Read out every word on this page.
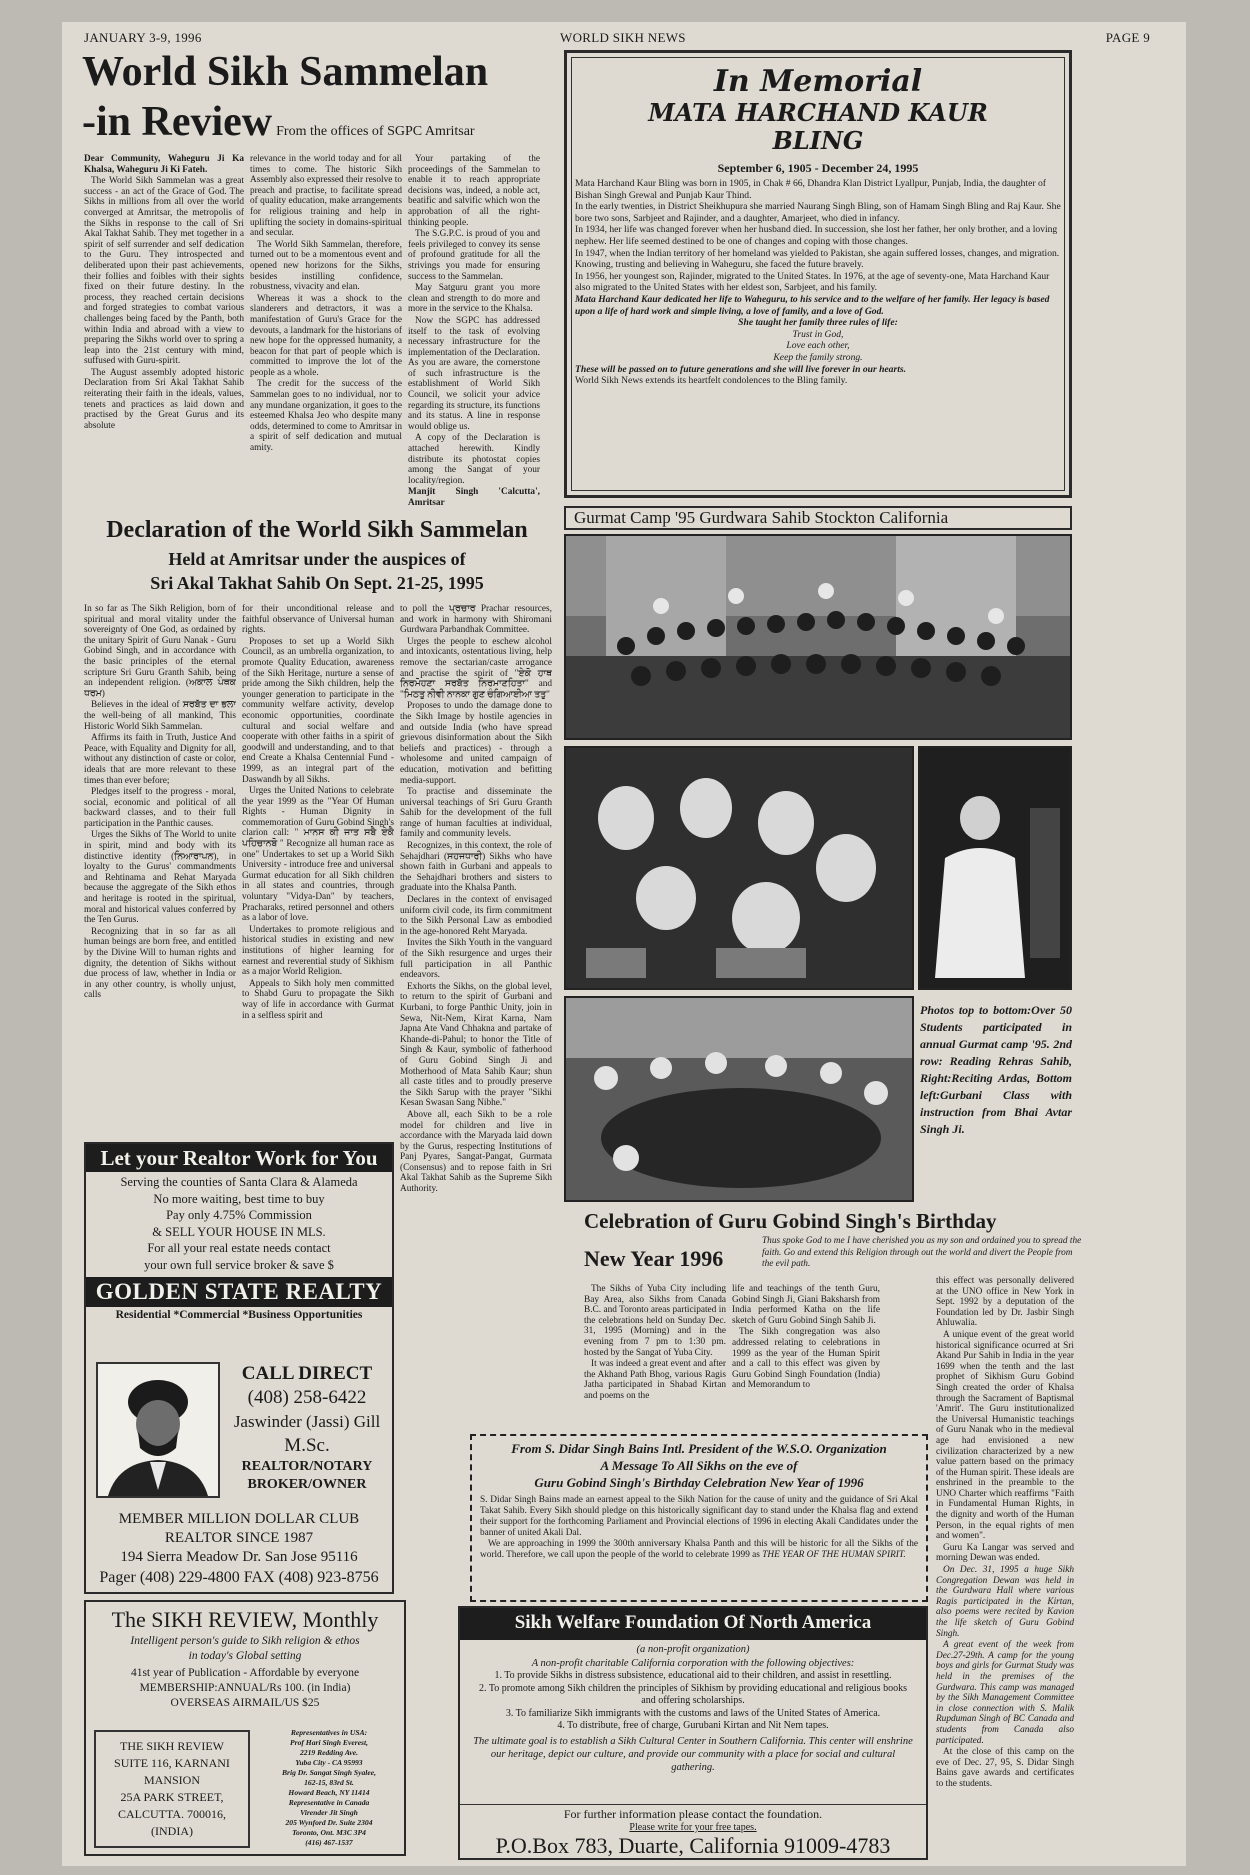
JANUARY 3-9, 1996	WORLD SIKH NEWS	PAGE 9
World Sikh Sammelan
-in Review From the offices of SGPC Amritsar

Dear Community, Waheguru Ji Ka Khalsa, Waheguru Ji Ki Fateh.

The World Sikh Sammelan was a great success - an act of the Grace of God. The Sikhs in millions from all over the world converged at Amritsar, the metropolis of the Sikhs in response to the call of Sri Akal Takhat Sahib. They met together in a spirit of self surrender and self dedication to the Guru. They introspected and deliberated upon their past achievements, their follies and foibles with their sights fixed on their future destiny. In the process, they reached certain decisions and forged strategies to combat various challenges being faced by the Panth, both within India and abroad with a view to preparing the Sikhs world over to spring a leap into the 21st century with mind, suffused with Guru-spirit.

The August assembly adopted historic Declaration from Sri Akal Takhat Sahib reiterating their faith in the ideals, values, tenets and practices as laid down and practised by the Great Gurus and its absolute

relevance in the world today and for all times to come. The historic Sikh Assembly also expressed their resolve to preach and practise, to facilitate spread of quality education, make arrangements for religious training and help in uplifting the society in domains-spiritual and secular.

The World Sikh Sammelan, therefore, turned out to be a momentous event and opened new horizons for the Sikhs, besides instilling confidence, robustness, vivacity and elan.

Whereas it was a shock to the slanderers and detractors, it was a manifestation of Guru's Grace for the devouts, a landmark for the historians of new hope for the oppressed humanity, a beacon for that part of people which is committed to improve the lot of the people as a whole.

The credit for the success of the Sammelan goes to no individual, nor to any mundane organization, it goes to the esteemed Khalsa Jeo who despite many odds, determined to come to Amritsar in a spirit of self dedication and mutual amity.

Your partaking of the proceedings of the Sammelan to enable it to reach appropriate decisions was, indeed, a noble act, beatific and salvific which won the approbation of all the right-thinking people.

The S.G.P.C. is proud of you and feels privileged to convey its sense of profound gratitude for all the strivings you made for ensuring success to the Sammelan.

May Satguru grant you more clean and strength to do more and more in the service to the Khalsa.

Now the SGPC has addressed itself to the task of evolving necessary infrastructure for the implementation of the Declaration. As you are aware, the cornerstone of such infrastructure is the establishment of World Sikh Council, we solicit your advice regarding its structure, its functions and its status. A line in response would oblige us.

A copy of the Declaration is attached herewith. Kindly distribute its photostat copies among the Sangat of your locality/region.

Manjit Singh 'Calcutta', Amritsar

In Memorial
MATA HARCHAND KAUR
BLING
September 6, 1905 - December 24, 1995
Mata Harchand Kaur Bling was born in 1905, in Chak # 66, Dhandra Klan District Lyallpur, Punjab, India, the daughter of Bishan Singh Grewal and Punjab Kaur Thind.
In the early twenties, in District Sheikhupura she married Naurang Singh Bling, son of Hamam Singh Bling and Raj Kaur. She bore two sons, Sarbjeet and Rajinder, and a daughter, Amarjeet, who died in infancy.
In 1934, her life was changed forever when her husband died. In succession, she lost her father, her only brother, and a loving nephew. Her life seemed destined to be one of changes and coping with those changes.
In 1947, when the Indian territory of her homeland was yielded to Pakistan, she again suffered losses, changes, and migration.
Knowing, trusting and believing in Waheguru, she faced the future bravely.
In 1956, her youngest son, Rajinder, migrated to the United States. In 1976, at the age of seventy-one, Mata Harchand Kaur also migrated to the United States with her eldest son, Sarbjeet, and his family.
Mata Harchand Kaur dedicated her life to Waheguru, to his service and to the welfare of her family. Her legacy is based upon a life of hard work and simple living, a love of family, and a love of God.
She taught her family three rules of life:
Trust in God,
Love each other,
Keep the family strong.
These will be passed on to future generations and she will live forever in our hearts.
World Sikh News extends its heartfelt condolences to the Bling family.
Gurmat Camp '95 Gurdwara Sahib Stockton California
Photos top to bottom:Over 50 Students participated in annual Gurmat camp '95. 2nd row: Reading Rehras Sahib, Right:Reciting Ardas, Bottom left:Gurbani Class with instruction from Bhai Avtar Singh Ji.
Declaration of the World Sikh Sammelan
Held at Amritsar under the auspices of
Sri Akal Takhat Sahib On Sept. 21-25, 1995

In so far as The Sikh Religion, born of spiritual and moral vitality under the sovereignty of One God, as ordained by the unitary Spirit of Guru Nanak - Guru Gobind Singh, and in accordance with the basic principles of the eternal scripture Sri Guru Granth Sahib, being an independent religion. (ਅਕਾਲ ਪੰਥਕ ਧਰਮ)

Believes in the ideal of ਸਰਬੱਤ ਦਾ ਭਲਾ the well-being of all mankind, This Historic World Sikh Sammelan.

Affirms its faith in Truth, Justice And Peace, with Equality and Dignity for all, without any distinction of caste or color, ideals that are more relevant to these times than ever before;

Pledges itself to the progress - moral, social, economic and political of all backward classes, and to their full participation in the Panthic causes.

Urges the Sikhs of The World to unite in spirit, mind and body with its distinctive identity (ਨਿਆਰਾਪਨ), in loyalty to the Gurus' commandments and Rehtinama and Rehat Maryada because the aggregate of the Sikh ethos and heritage is rooted in the spiritual, moral and historical values conferred by the Ten Gurus.

Recognizing that in so far as all human beings are born free, and entitled by the Divine Will to human rights and dignity, the detention of Sikhs without due process of law, whether in India or in any other country, is wholly unjust, calls

for their unconditional release and faithful observance of Universal human rights.

Proposes to set up a World Sikh Council, as an umbrella organization, to promote Quality Education, awareness of the Sikh Heritage, nurture a sense of pride among the Sikh children, help the younger generation to participate in the community welfare activity, develop economic opportunities, coordinate cultural and social welfare and cooperate with other faiths in a spirit of goodwill and understanding, and to that end Create a Khalsa Centennial Fund - 1999, as an integral part of the Daswandh by all Sikhs.

Urges the United Nations to celebrate the year 1999 as the "Year Of Human Rights - Human Dignity in commemoration of Guru Gobind Singh's clarion call: " ਮਾਨਸ ਕੀ ਜਾਤ ਸਬੈ ਏਕੈ ਪਹਿਚਾਨਬੋ " Recognize all human race as one" Undertakes to set up a World Sikh University - introduce free and universal Gurmat education for all Sikh children in all states and countries, through voluntary "Vidya-Dan" by teachers, Pracharaks, retired personnel and others as a labor of love.

Undertakes to promote religious and historical studies in existing and new institutions of higher learning for earnest and reverential study of Sikhism as a major World Religion.

Appeals to Sikh holy men committed to Shabd Guru to propagate the Sikh way of life in accordance with Gurmat in a selfless spirit and

to poll the ਪ੍ਰਚਾਰ Prachar resources, and work in harmony with Shiromani Gurdwara Parbandhak Committee.

Urges the people to eschew alcohol and intoxicants, ostentatious living, help remove the sectarian/caste arrogance and practise the spirit of "ਏਕੋ ਹਾਥ ਨਿਰਮੋਹਣਾ ਸਰਬੱਤ ਨਿਰਮਾਣਹਿਤਾ" and "ਮਿਠਤੁ ਨੀਵੀ ਨਾਨਕਾ ਗੁਣ ਚੰਗਿਆਈਆ ਤਤੁ"

Proposes to undo the damage done to the Sikh Image by hostile agencies in and outside India (who have spread grievous disinformation about the Sikh beliefs and practices) - through a wholesome and united campaign of education, motivation and befitting media-support.

To practise and disseminate the universal teachings of Sri Guru Granth Sahib for the development of the full range of human faculties at individual, family and community levels.

Recognizes, in this context, the role of Sehajdhari (ਸਹਜਧਾਰੀ) Sikhs who have shown faith in Gurbani and appeals to the Sehajdhari brothers and sisters to graduate into the Khalsa Panth.

Declares in the context of envisaged uniform civil code, its firm commitment to the Sikh Personal Law as embodied in the age-honored Reht Maryada.

Invites the Sikh Youth in the vanguard of the Sikh resurgence and urges their full participation in all Panthic endeavors.

Exhorts the Sikhs, on the global level, to return to the spirit of Gurbani and Kurbani, to forge Panthic Unity, join in Sewa, Nit-Nem, Kirat Karna, Nam Japna Ate Vand Chhakna and partake of Khande-di-Pahul; to honor the Title of Singh & Kaur, symbolic of fatherhood of Guru Gobind Singh Ji and Motherhood of Mata Sahib Kaur; shun all caste titles and to proudly preserve the Sikh Sarup with the prayer "Sikhi Kesan Swasan Sang Nibhe."

Above all, each Sikh to be a role model for children and live in accordance with the Maryada laid down by the Gurus, respecting Institutions of Panj Pyares, Sangat-Pangat, Gurmata (Consensus) and to repose faith in Sri Akal Takhat Sahib as the Supreme Sikh Authority.

Let your Realtor Work for You
Serving the counties of Santa Clara & Alameda
No more waiting, best time to buy
Pay only 4.75% Commission
& SELL YOUR HOUSE IN MLS.
For all your real estate needs contact
your own full service broker & save $
GOLDEN STATE REALTY
Residential *Commercial *Business Opportunities
CALL DIRECT
(408) 258-6422
Jaswinder (Jassi) Gill
M.Sc.
REALTOR/NOTARY
BROKER/OWNER
MEMBER MILLION DOLLAR CLUB
REALTOR SINCE 1987
194 Sierra Meadow Dr. San Jose 95116
Pager (408) 229-4800 FAX (408) 923-8756
The SIKH REVIEW, Monthly
Intelligent person's guide to Sikh religion & ethos
in today's Global setting
41st year of Publication - Affordable by everyone
MEMBERSHIP:ANNUAL/Rs 100. (in India)
OVERSEAS AIRMAIL/US $25
THE SIKH REVIEW
SUITE 116, KARNANI
MANSION
25A PARK STREET,
CALCUTTA. 700016,
(INDIA)
Representatives in USA:
Prof Hari Singh Everest,
2219 Redding Ave.
Yuba City - CA 95993
Brig Dr. Sangat Singh Syalee,
162-15, 83rd St.
Howard Beach, NY 11414
Representative in Canada
Virender Jit Singh
205 Wynford Dr. Suite 2304
Toronto, Ont. M3C 3P4
(416) 467-1537
Celebration of Guru Gobind Singh's Birthday
New Year 1996
Thus spoke God to me I have cherished you as my son and ordained you to spread the faith. Go and extend this Religion through out the world and divert the People from the evil path.

The Sikhs of Yuba City including Bay Area, also Sikhs from Canada B.C. and Toronto areas participated in the celebrations held on Sunday Dec. 31, 1995 (Morning) and in the evening from 7 pm to 1:30 pm. hosted by the Sangat of Yuba City.

It was indeed a great event and after the Akhand Path Bhog, various Ragis Jatha participated in Shabad Kirtan and poems on the

life and teachings of the tenth Guru, Gobind Singh Ji, Giani Baksharsh from India performed Katha on the life sketch of Guru Gobind Singh Sahib Ji.

The Sikh congregation was also addressed relating to celebrations in 1999 as the year of the Human Spirit and a call to this effect was given by Guru Gobind Singh Foundation (India) and Memorandum to

this effect was personally delivered at the UNO office in New York in Sept. 1992 by a deputation of the Foundation led by Dr. Jasbir Singh Ahluwalia.

A unique event of the great world historical significance ocurred at Sri Akand Pur Sahib in India in the year 1699 when the tenth and the last prophet of Sikhism Guru Gobind Singh created the order of Khalsa through the Sacrament of Baptismal 'Amrit'. The Guru institutionalized the Universal Humanistic teachings of Guru Nanak who in the medieval age had envisioned a new civilization characterized by a new value pattern based on the primacy of the Human spirit. These ideals are enshrined in the preamble to the UNO Charter which reaffirms "Faith in Fundamental Human Rights, in the dignity and worth of the Human Person, in the equal rights of men and women".

Guru Ka Langar was served and morning Dewan was ended.

On Dec. 31, 1995 a huge Sikh Congregation Dewan was held in the Gurdwara Hall where various Ragis participated in the Kirtan, also poems were recited by Kavion the life sketch of Guru Gobind Singh.

A great event of the week from Dec.27-29th. A camp for the young boys and girls for Gurmat Study was held in the premises of the Gurdwara. This camp was managed by the Sikh Management Committee in close connection with S. Malik Rupduman Singh of BC Canada and students from Canada also participated.

At the close of this camp on the eve of Dec. 27, 95, S. Didar Singh Bains gave awards and certificates to the students.

From S. Didar Singh Bains Intl. President of the W.S.O. Organization
A Message To All Sikhs on the eve of
Guru Gobind Singh's Birthday Celebration New Year of 1996
S. Didar Singh Bains made an earnest appeal to the Sikh Nation for the cause of unity and the guidance of Sri Akal Takat Sahib. Every Sikh should pledge on this historically significant day to stand under the Khalsa flag and extend their support for the forthcoming Parliament and Provincial elections of 1996 in electing Akali Candidates under the banner of united Akali Dal.
We are approaching in 1999 the 300th anniversary Khalsa Panth and this will be historic for all the Sikhs of the world. Therefore, we call upon the people of the world to celebrate 1999 as THE YEAR OF THE HUMAN SPIRIT.
Sikh Welfare Foundation Of North America
(a non-profit organization)
A non-profit charitable California corporation with the following objectives:
1. To provide Sikhs in distress subsistence, educational aid to their children, and assist in resettling.
2. To promote among Sikh children the principles of Sikhism by providing educational and religious books and offering scholarships.
3. To familiarize Sikh immigrants with the customs and laws of the United States of America.
4. To distribute, free of charge, Gurubani Kirtan and Nit Nem tapes.
The ultimate goal is to establish a Sikh Cultural Center in Southern California. This center will enshrine our heritage, depict our culture, and provide our community with a place for social and cultural gathering.
For further information please contact the foundation.
Please write for your free tapes.
P.O.Box 783, Duarte, California 91009-4783
